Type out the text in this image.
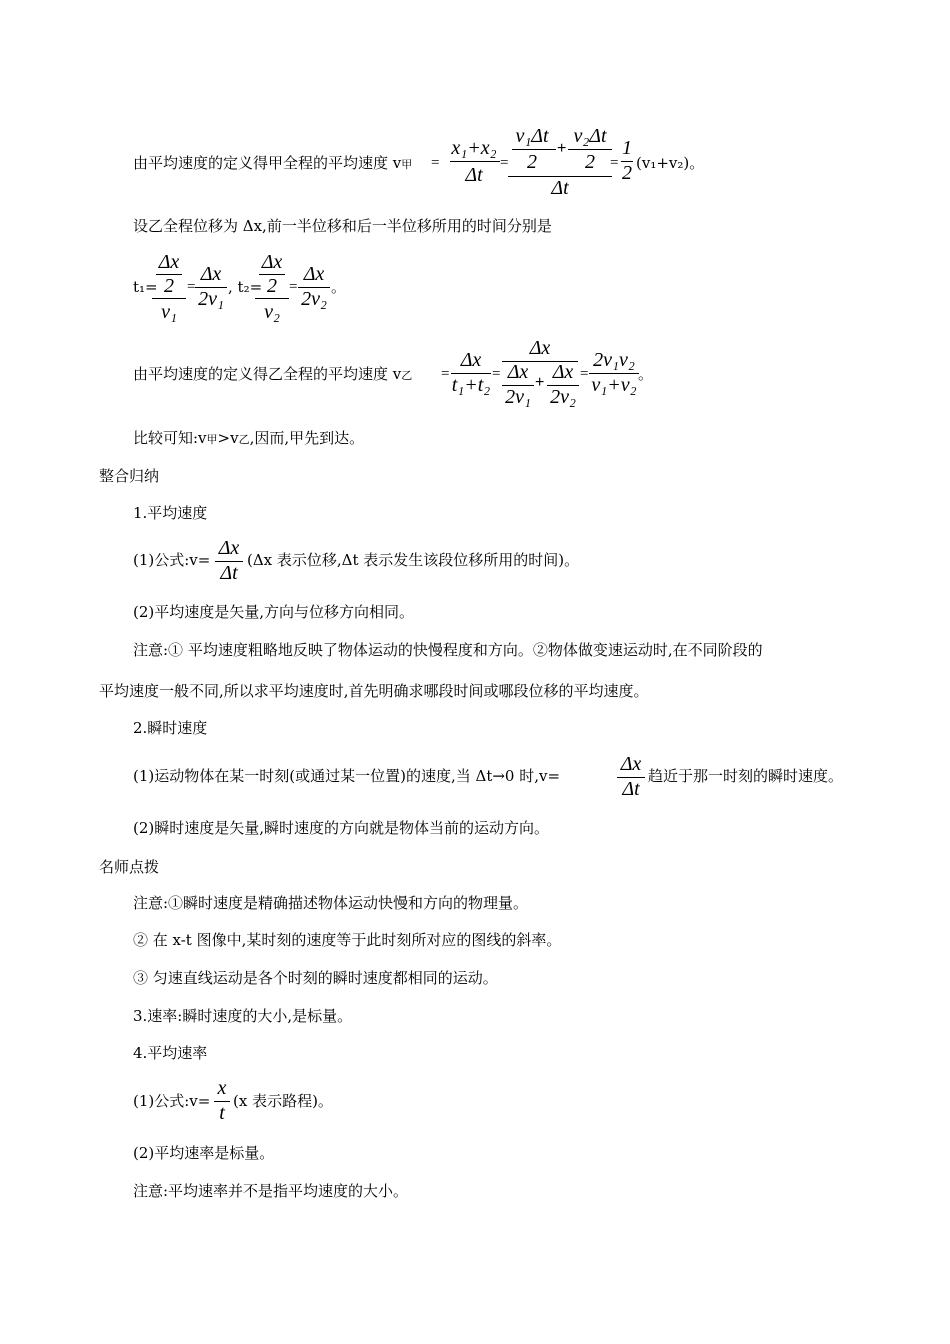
由平均速度的定义得甲全程的平均速度 v甲 =
x₁+x₂
Δt
=
v₁Δt
2
+
v₂Δt
2
Δt
=
1
2 (v₁+v₂)。
设乙全程位移为 Δx,前一半位移和后一半位移所用的时间分别是
t₁=
Δx
2
v₁
=
Δx
2v₁
, t₂=
Δx
2
v₂
=
Δx
2v₂
。
由平均速度的定义得乙全程的平均速度 v乙 =
Δx
t₁+t₂ =
Δx
Δx
2v₁
+ Δx
2v₂
=
2v₁v₂
v₁+v₂ 。
比较可知:v甲>v乙,因而,甲先到达。
整合归纳
1.平均速度
(1)公式:v=
Δx
Δt
(Δx 表示位移,Δt 表示发生该段位移所用的时间)。
(2)平均速度是矢量,方向与位移方向相同。
注意:① 平均速度粗略地反映了物体运动的快慢程度和方向。②物体做变速运动时,在不同阶段的
平均速度一般不同,所以求平均速度时,首先明确求哪段时间或哪段位移的平均速度。
2.瞬时速度
(1)运动物体在某一时刻(或通过某一位置)的速度,当 Δt→0 时,v=
Δx
Δt
趋近于那一时刻的瞬时速度。
(2)瞬时速度是矢量,瞬时速度的方向就是物体当前的运动方向。
名师点拨
注意:①瞬时速度是精确描述物体运动快慢和方向的物理量。
② 在 x-t 图像中,某时刻的速度等于此时刻所对应的图线的斜率。
③ 匀速直线运动是各个时刻的瞬时速度都相同的运动。
3.速率:瞬时速度的大小,是标量。
4.平均速率
(1)公式:v=
x
t
(x 表示路程)。
(2)平均速率是标量。
注意:平均速率并不是指平均速度的大小。
